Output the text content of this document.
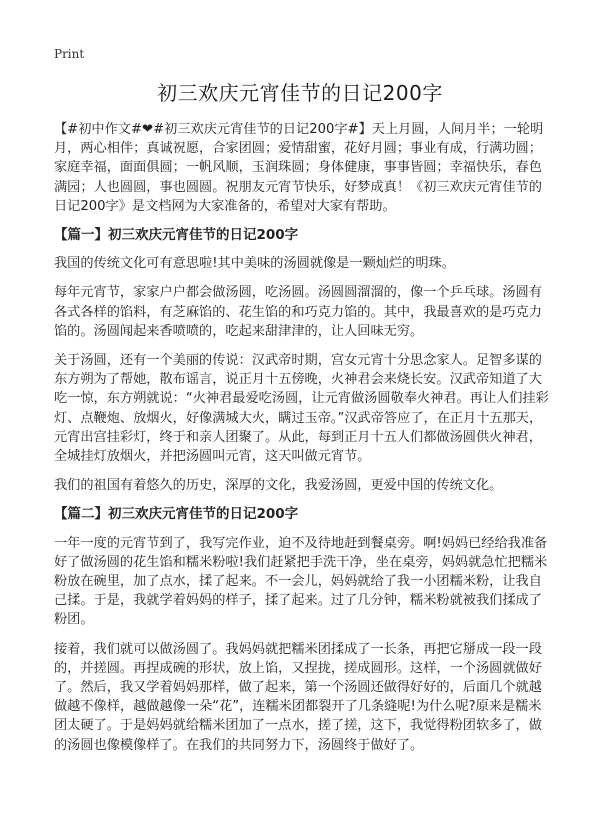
Print
初三欢庆元宵佳节的日记200字

【#初中作文#❤#初三欢庆元宵佳节的日记200字#】天上月圆，人间月半；一轮明月，两心相伴；真诚祝愿，合家团圆；爱情甜蜜，花好月圆；事业有成，行满功圆；家庭幸福，面面俱圆；一帆风顺，玉润珠圆；身体健康，事事皆圆；幸福快乐，春色满园；人也圆圆，事也圆圆。祝朋友元宵节快乐，好梦成真！《初三欢庆元宵佳节的日记200字》是文档网为大家准备的，希望对大家有帮助。

【篇一】初三欢庆元宵佳节的日记200字

我国的传统文化可有意思啦!其中美味的汤圆就像是一颗灿烂的明珠。

每年元宵节，家家户户都会做汤圆，吃汤圆。汤圆圆溜溜的，像一个乒乓球。汤圆有各式各样的馅料，有芝麻馅的、花生馅的和巧克力馅的。其中，我最喜欢的是巧克力馅的。汤圆闻起来香喷喷的，吃起来甜津津的，让人回味无穷。

关于汤圆，还有一个美丽的传说：汉武帝时期，宫女元宵十分思念家人。足智多谋的东方朔为了帮她，散布谣言，说正月十五傍晚，火神君会来烧长安。汉武帝知道了大吃一惊，东方朔就说：“火神君最爱吃汤圆，让元宵做汤圆敬奉火神君。再让人们挂彩灯、点鞭炮、放烟火，好像满城大火，瞒过玉帝。”汉武帝答应了，在正月十五那天，元宵出宫挂彩灯，终于和亲人团聚了。从此，每到正月十五人们都做汤圆供火神君，全城挂灯放烟火，并把汤圆叫元宵，这天叫做元宵节。

我们的祖国有着悠久的历史，深厚的文化，我爱汤圆，更爱中国的传统文化。

【篇二】初三欢庆元宵佳节的日记200字

一年一度的元宵节到了，我写完作业，迫不及待地赶到餐桌旁。啊!妈妈已经给我准备好了做汤圆的花生馅和糯米粉啦!我们赶紧把手洗干净，坐在桌旁，妈妈就急忙把糯米粉放在碗里，加了点水，揉了起来。不一会儿，妈妈就给了我一小团糯米粉，让我自己揉。于是，我就学着妈妈的样子，揉了起来。过了几分钟，糯米粉就被我们揉成了粉团。

接着，我们就可以做汤圆了。我妈妈就把糯米团揉成了一长条，再把它掰成一段一段的，并搓圆。再捏成碗的形状，放上馅，又捏拢，搓成圆形。这样，一个汤圆就做好了。然后，我又学着妈妈那样，做了起来，第一个汤圆还做得好好的，后面几个就越做越不像样，越做越像一朵“花”，连糯米团都裂开了几条缝呢!为什么呢?原来是糯米团太硬了。于是妈妈就给糯米团加了一点水，搓了搓，这下，我觉得粉团软多了，做的汤圆也像模像样了。在我们的共同努力下，汤圆终于做好了。
